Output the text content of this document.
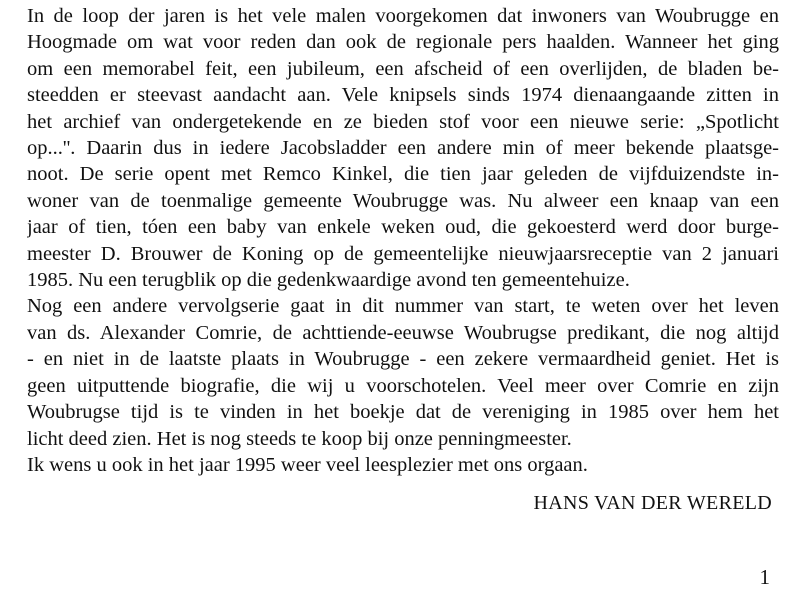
In de loop der jaren is het vele malen voorgekomen dat inwoners van Woubrugge en
Hoogmade om wat voor reden dan ook de regionale pers haalden. Wanneer het ging
om een memorabel feit, een jubileum, een afscheid of een overlijden, de bladen be-
steedden er steevast aandacht aan. Vele knipsels sinds 1974 dienaangaande zitten in
het archief van ondergetekende en ze bieden stof voor een nieuwe serie: „Spotlicht
op...''. Daarin dus in iedere Jacobsladder een andere min of meer bekende plaatsge-
noot. De serie opent met Remco Kinkel, die tien jaar geleden de vijfduizendste in-
woner van de toenmalige gemeente Woubrugge was. Nu alweer een knaap van een
jaar of tien, tóen een baby van enkele weken oud, die gekoesterd werd door burge-
meester D. Brouwer de Koning op de gemeentelijke nieuwjaarsreceptie van 2 januari
1985. Nu een terugblik op die gedenkwaardige avond ten gemeentehuize.
Nog een andere vervolgserie gaat in dit nummer van start, te weten over het leven
van ds. Alexander Comrie, de achttiende-eeuwse Woubrugse predikant, die nog altijd
- en niet in de laatste plaats in Woubrugge - een zekere vermaardheid geniet. Het is
geen uitputtende biografie, die wij u voorschotelen. Veel meer over Comrie en zijn
Woubrugse tijd is te vinden in het boekje dat de vereniging in 1985 over hem het
licht deed zien. Het is nog steeds te koop bij onze penningmeester.
Ik wens u ook in het jaar 1995 weer veel leesplezier met ons orgaan.
HANS VAN DER WERELD
1
